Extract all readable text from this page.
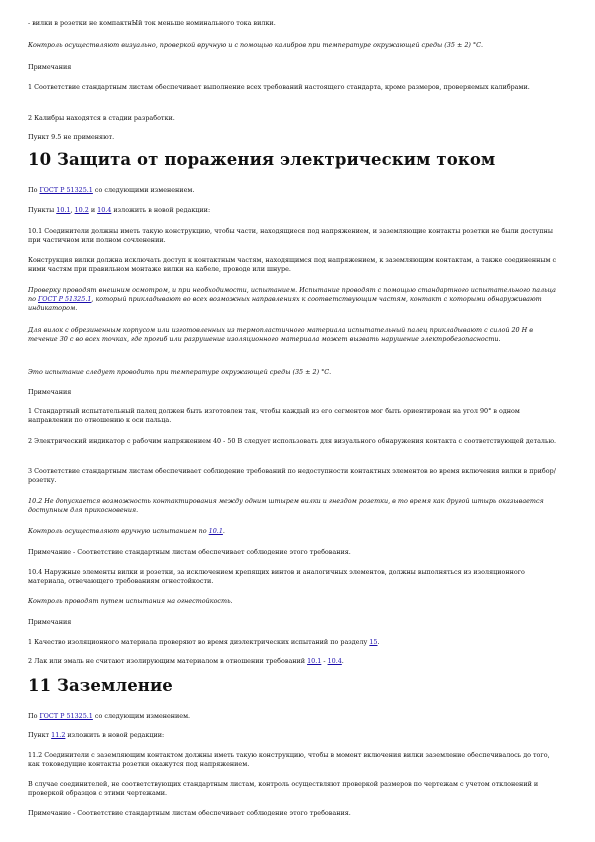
- вилки в розетки не компактнЫй ток меньше номинального тока вилки.

Контроль осуществляют визуально, проверкой вручную и с помощью калибров при температуре окружающей среды (35 ± 2) °С.

Примечания

1 Соответствие стандартным листам обеспечивает выполнение всех требований настоящего стандарта, кроме размеров, проверяемых калибрами.

2 Калибры находятся в стадии разработки.

Пункт 9.5 не применяют.

10 Защита от поражения электрическим током

По ГОСТ Р 51325.1 со следующими изменением.

Пункты 10.1, 10.2 и 10.4 изложить в новой редакции:

10.1 Соединители должны иметь такую конструкцию, чтобы части, находящиеся под напряжением, и заземляющие контакты розетки не были доступны при частичном или полном сочленении.

Конструкция вилки должна исключать доступ к контактным частям, находящимся под напряжением, к заземляющим контактам, а также соединенным с ними частям при правильном монтаже вилки на кабеле, проводе или шнуре.

Проверку проводят внешним осмотром, и при необходимости, испытанием. Испытание проводят с помощью стандартного испытательного пальца по ГОСТ Р 51325.1, который прикладывают во всех возможных направлениях к соответствующим частям, контакт с которыми обнаруживают индикатором.

Для вилок с обрезиненным корпусом или изготовленных из термопластичного материала испытательный палец прикладывают с силой 20 Н в течение 30 с во всех точках, где прогиб или разрушение изоляционного материала может вызвать нарушение электробезопасности.

Это испытание следует проводить при температуре окружающей среды (35 ± 2) °С.

Примечания

1 Стандартный испытательный палец должен быть изготовлен так, чтобы каждый из его сегментов мог быть ориентирован на угол 90° в одном направлении по отношению к оси пальца.

2 Электрический индикатор с рабочим напряжением 40 - 50 В следует использовать для визуального обнаружения контакта с соответствующей деталью.

3 Соответствие стандартным листам обеспечивает соблюдение требований по недоступности контактных элементов во время включения вилки в прибор/розетку.

10.2 Не допускается возможность контактирования между одним штырем вилки и гнездом розетки, в то время как другой штырь оказывается доступным для прикосновения.

Контроль осуществляют вручную испытанием по 10.1.

Примечание - Соответствие стандартным листам обеспечивает соблюдение этого требования.

10.4 Наружные элементы вилки и розетки, за исключением крепящих винтов и аналогичных элементов, должны выполняться из изоляционного материала, отвечающего требованиям огнестойкости.

Контроль проводят путем испытания на огнестойкость.

Примечания

1 Качество изоляционного материала проверяют во время диэлектрических испытаний по разделу 15.

2 Лак или эмаль не считают изолирующим материалом в отношении требований 10.1 - 10.4.

11 Заземление

По ГОСТ Р 51325.1 со следующим изменением.

Пункт 11.2 изложить в новой редакции:

11.2 Соединители с заземляющим контактом должны иметь такую конструкцию, чтобы в момент включения вилки заземление обеспечивалось до того, как токоведущие контакты розетки окажутся под напряжением.

В случае соединителей, не соответствующих стандартным листам, контроль осуществляют проверкой размеров по чертежам с учетом отклонений и проверкой образцов с этими чертежами.

Примечание - Соответствие стандартным листам обеспечивает соблюдение этого требования.
